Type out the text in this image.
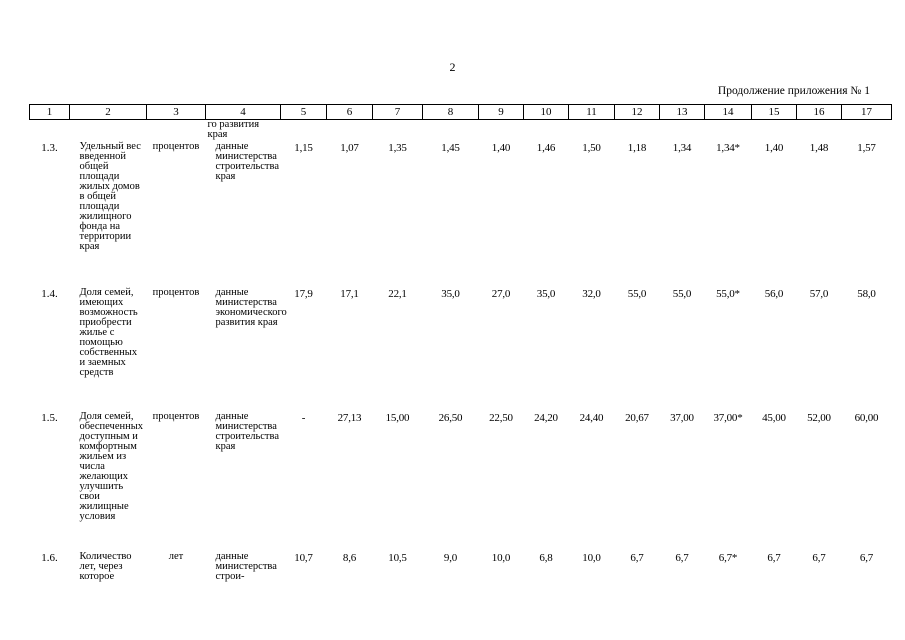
2
Продолжение приложения № 1
1	2	3	4	5	6	7	8	9	10	11	12	13	14	15	16	17
			го развития края													
1.3.	Удельный вес введенной общей площади жилых домов в общей площади жилищного фонда на территории края	процентов	данные министерства строительства края	1,15	1,07	1,35	1,45	1,40	1,46	1,50	1,18	1,34	1,34*	1,40	1,48	1,57
1.4.	Доля семей, имеющих возможность приобрести жилье с помощью собственных и заемных средств	процентов	данные министерства экономического развития края	17,9	17,1	22,1	35,0	27,0	35,0	32,0	55,0	55,0	55,0*	56,0	57,0	58,0
1.5.	Доля семей, обеспеченных доступным и комфортным жильем из числа желающих улучшить свои жилищные условия	процентов	данные министерства строительства края	-	27,13	15,00	26,50	22,50	24,20	24,40	20,67	37,00	37,00*	45,00	52,00	60,00
1.6.	Количество лет, через которое	лет	данные министерства строи-	10,7	8,6	10,5	9,0	10,0	6,8	10,0	6,7	6,7	6,7*	6,7	6,7	6,7
